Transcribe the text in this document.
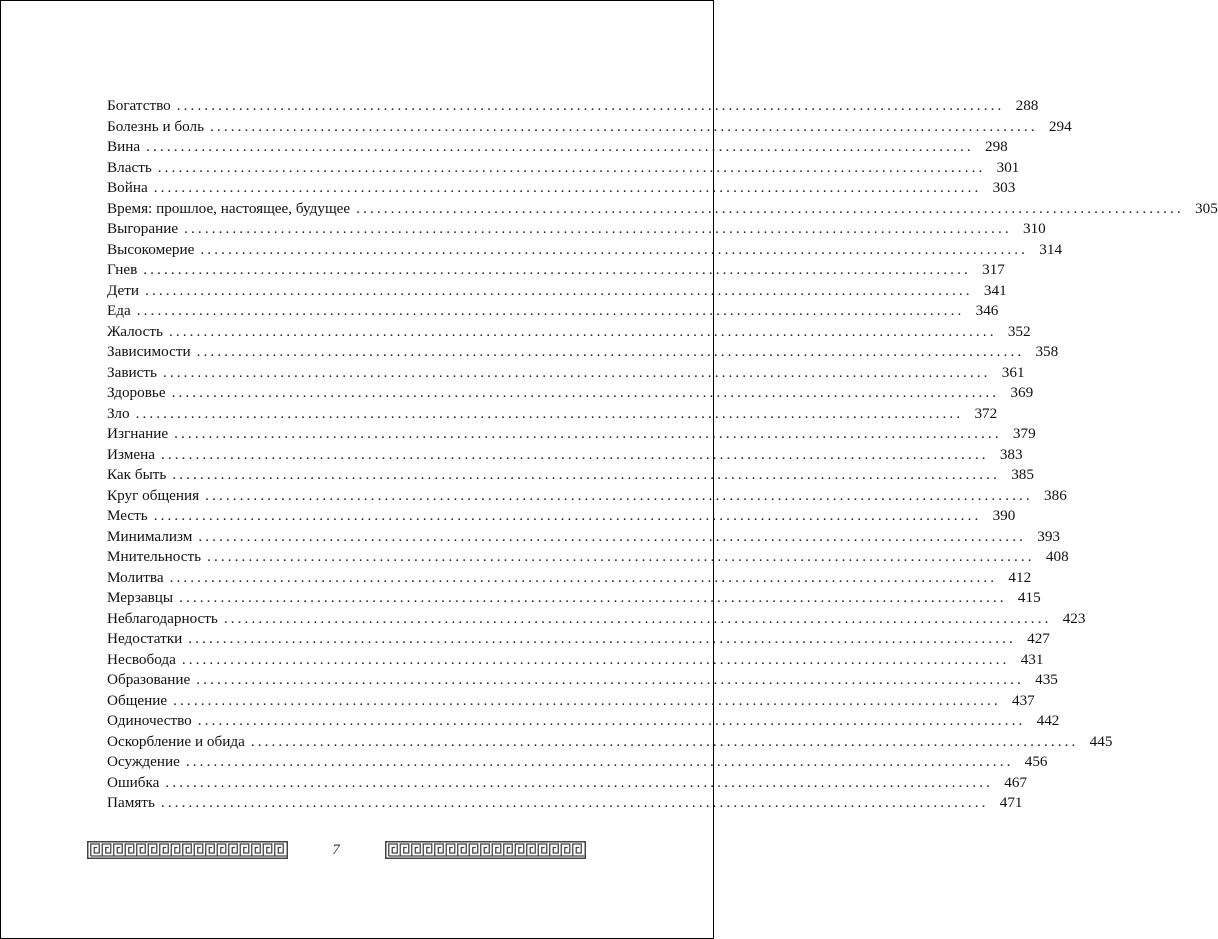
Богатство ........................................................................................................................ 288
Болезнь и боль ........................................................................................................................ 294
Вина ........................................................................................................................ 298
Власть ........................................................................................................................ 301
Война ........................................................................................................................ 303
Время: прошлое, настоящее, будущее ........................................................................................................................ 305
Выгорание ........................................................................................................................ 310
Высокомерие ........................................................................................................................ 314
Гнев ........................................................................................................................ 317
Дети ........................................................................................................................ 341
Еда ........................................................................................................................ 346
Жалость ........................................................................................................................ 352
Зависимости ........................................................................................................................ 358
Зависть ........................................................................................................................ 361
Здоровье ........................................................................................................................ 369
Зло ........................................................................................................................ 372
Изгнание ........................................................................................................................ 379
Измена ........................................................................................................................ 383
Как быть ........................................................................................................................ 385
Круг общения ........................................................................................................................ 386
Месть ........................................................................................................................ 390
Минимализм ........................................................................................................................ 393
Мнительность ........................................................................................................................ 408
Молитва ........................................................................................................................ 412
Мерзавцы ........................................................................................................................ 415
Неблагодарность ........................................................................................................................ 423
Недостатки ........................................................................................................................ 427
Несвобода ........................................................................................................................ 431
Образование ........................................................................................................................ 435
Общение ........................................................................................................................ 437
Одиночество ........................................................................................................................ 442
Оскорбление и обида ........................................................................................................................ 445
Осуждение ........................................................................................................................ 456
Ошибка ........................................................................................................................ 467
Память ........................................................................................................................ 471
7
